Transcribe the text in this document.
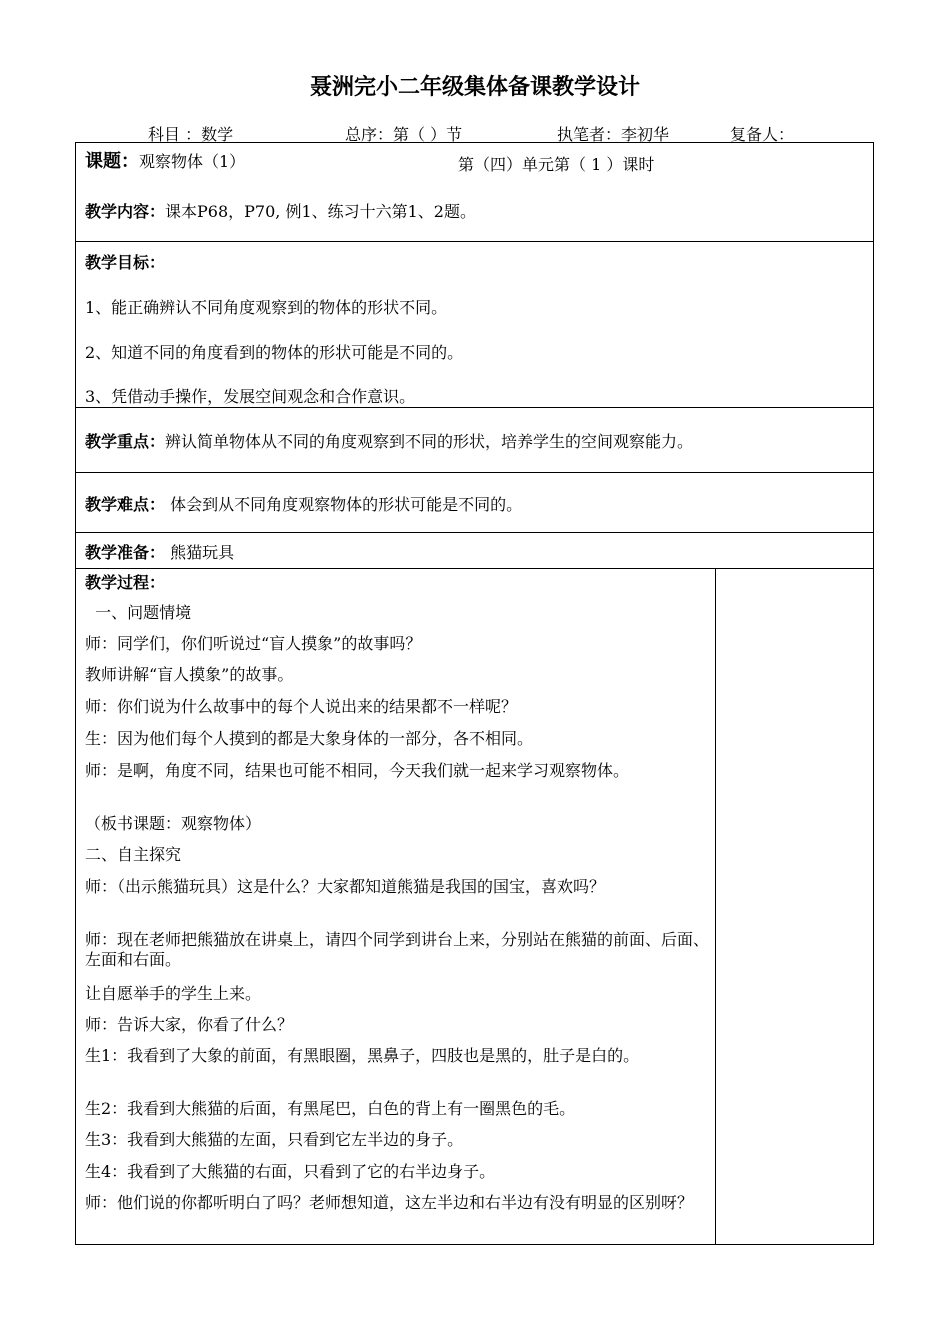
聂洲完小二年级集体备课教学设计
科目 ：数学	总序：第（ ）节	执笔者：李初华	复备人：
课题：观察物体（1）	第（四）单元第（ 1 ）课时
教学内容：课本P68，P70, 例1、练习十六第1、2题。
教学目标：
1、能正确辨认不同角度观察到的物体的形状不同。
2、知道不同的角度看到的物体的形状可能是不同的。
3、凭借动手操作，发展空间观念和合作意识。
教学重点：辨认简单物体从不同的角度观察到不同的形状，培养学生的空间观察能力。
教学难点： 体会到从不同角度观察物体的形状可能是不同的。
教学准备： 熊猫玩具
教学过程：
一、问题情境
师：同学们，你们听说过“盲人摸象”的故事吗？
教师讲解“盲人摸象”的故事。
师：你们说为什么故事中的每个人说出来的结果都不一样呢？
生：因为他们每个人摸到的都是大象身体的一部分，各不相同。
师：是啊，角度不同，结果也可能不相同，今天我们就一起来学习观察物体。
（板书课题：观察物体）
二、自主探究
师：（出示熊猫玩具）这是什么？大家都知道熊猫是我国的国宝，喜欢吗？
师：现在老师把熊猫放在讲桌上，请四个同学到讲台上来，分别站在熊猫的前面、后面、左面和右面。
让自愿举手的学生上来。
师：告诉大家，你看了什么？
生1：我看到了大象的前面，有黑眼圈，黑鼻子，四肢也是黑的，肚子是白的。
生2：我看到大熊猫的后面，有黑尾巴，白色的背上有一圈黑色的毛。
生3：我看到大熊猫的左面，只看到它左半边的身子。
生4：我看到了大熊猫的右面，只看到了它的右半边身子。
师：他们说的你都听明白了吗？老师想知道，这左半边和右半边有没有明显的区别呀？
